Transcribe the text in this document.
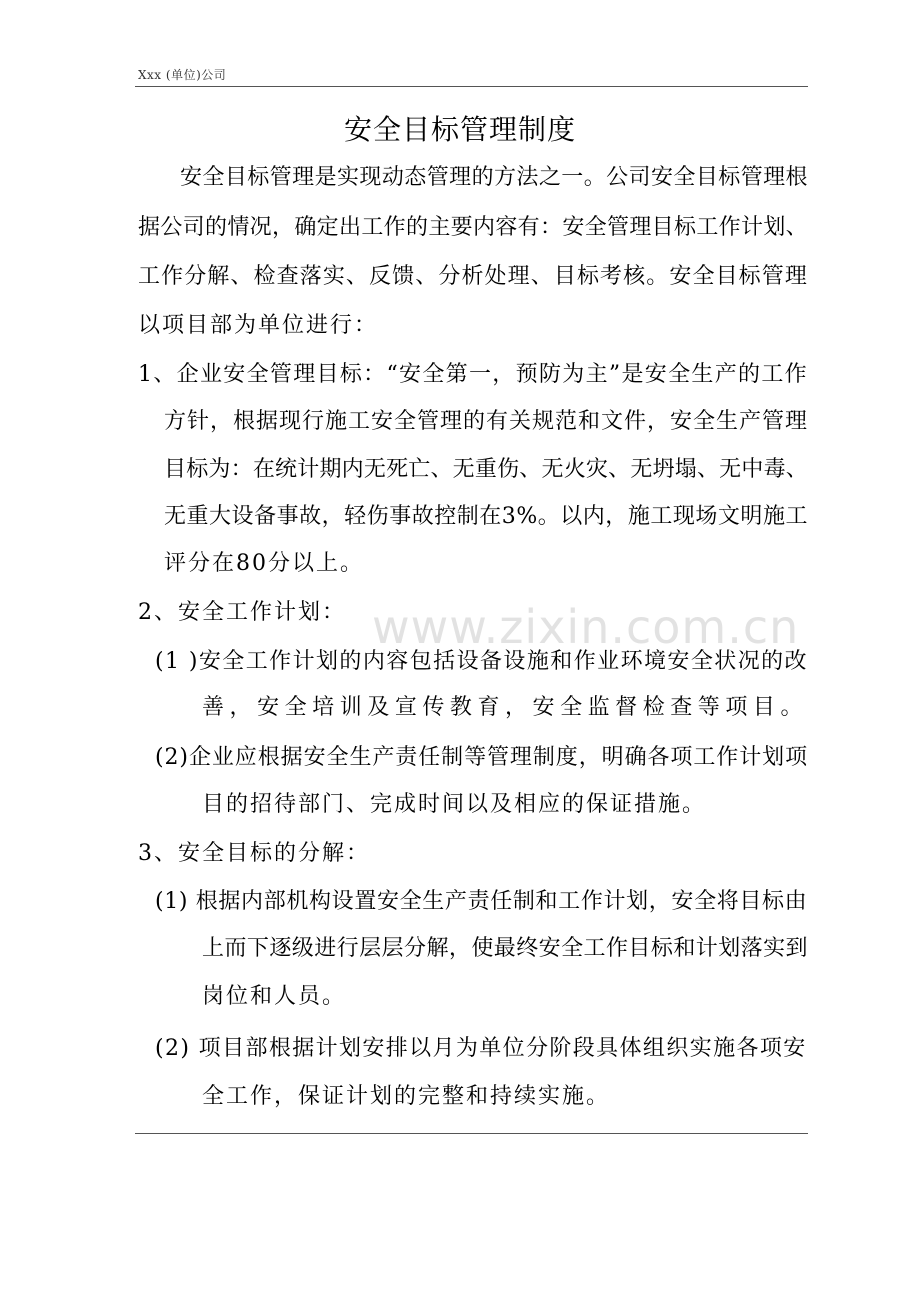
Xxx (单位)公司
www.zixin.com.cn
安全目标管理制度
安全目标管理是实现动态管理的方法之一。公司安全目标管理根
据公司的情况，确定出工作的主要内容有：安全管理目标工作计划、
工作分解、检查落实、反馈、分析处理、目标考核。安全目标管理
以项目部为单位进行：
1、企业安全管理目标：“安全第一，预防为主”是安全生产的工作
方针，根据现行施工安全管理的有关规范和文件，安全生产管理
目标为：在统计期内无死亡、无重伤、无火灾、无坍塌、无中毒、
无重大设备事故，轻伤事故控制在3%。以内，施工现场文明施工
评分在80分以上。
2、安全工作计划：
(1 )安全工作计划的内容包括设备设施和作业环境安全状况的改
善，安全培训及宣传教育，安全监督检查等项目。
(2)企业应根据安全生产责任制等管理制度，明确各项工作计划项
目的招待部门、完成时间以及相应的保证措施。
3、安全目标的分解：
(1) 根据内部机构设置安全生产责任制和工作计划，安全将目标由
上而下逐级进行层层分解，使最终安全工作目标和计划落实到
岗位和人员。
(2) 项目部根据计划安排以月为单位分阶段具体组织实施各项安
全工作，保证计划的完整和持续实施。
